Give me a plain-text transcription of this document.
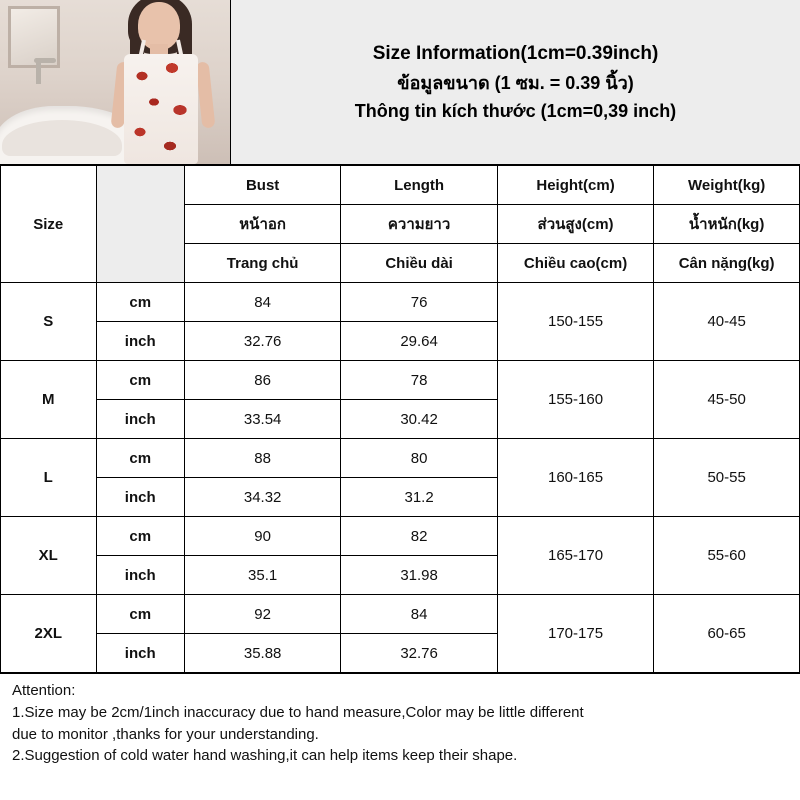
Size Information(1cm=0.39inch)
ข้อมูลขนาด (1 ซม. = 0.39 นิ้ว)
Thông tin kích thước (1cm=0,39 inch)
Size		Bust	Length	Height(cm)	Weight(kg)
		หน้าอก	ความยาว	ส่วนสูง(cm)	น้ำหนัก(kg)
		Trang chủ	Chiều dài	Chiều cao(cm)	Cân nặng(kg)
S	cm	84	76	150-155	40-45
	inch	32.76	29.64		
M	cm	86	78	155-160	45-50
	inch	33.54	30.42		
L	cm	88	80	160-165	50-55
	inch	34.32	31.2		
XL	cm	90	82	165-170	55-60
	inch	35.1	31.98		
2XL	cm	92	84	170-175	60-65
	inch	35.88	32.76		
Attention:
1.Size may be 2cm/1inch inaccuracy due to hand measure,Color may be little different
due to monitor ,thanks for your understanding.
2.Suggestion of cold water hand washing,it can help items keep their shape.
